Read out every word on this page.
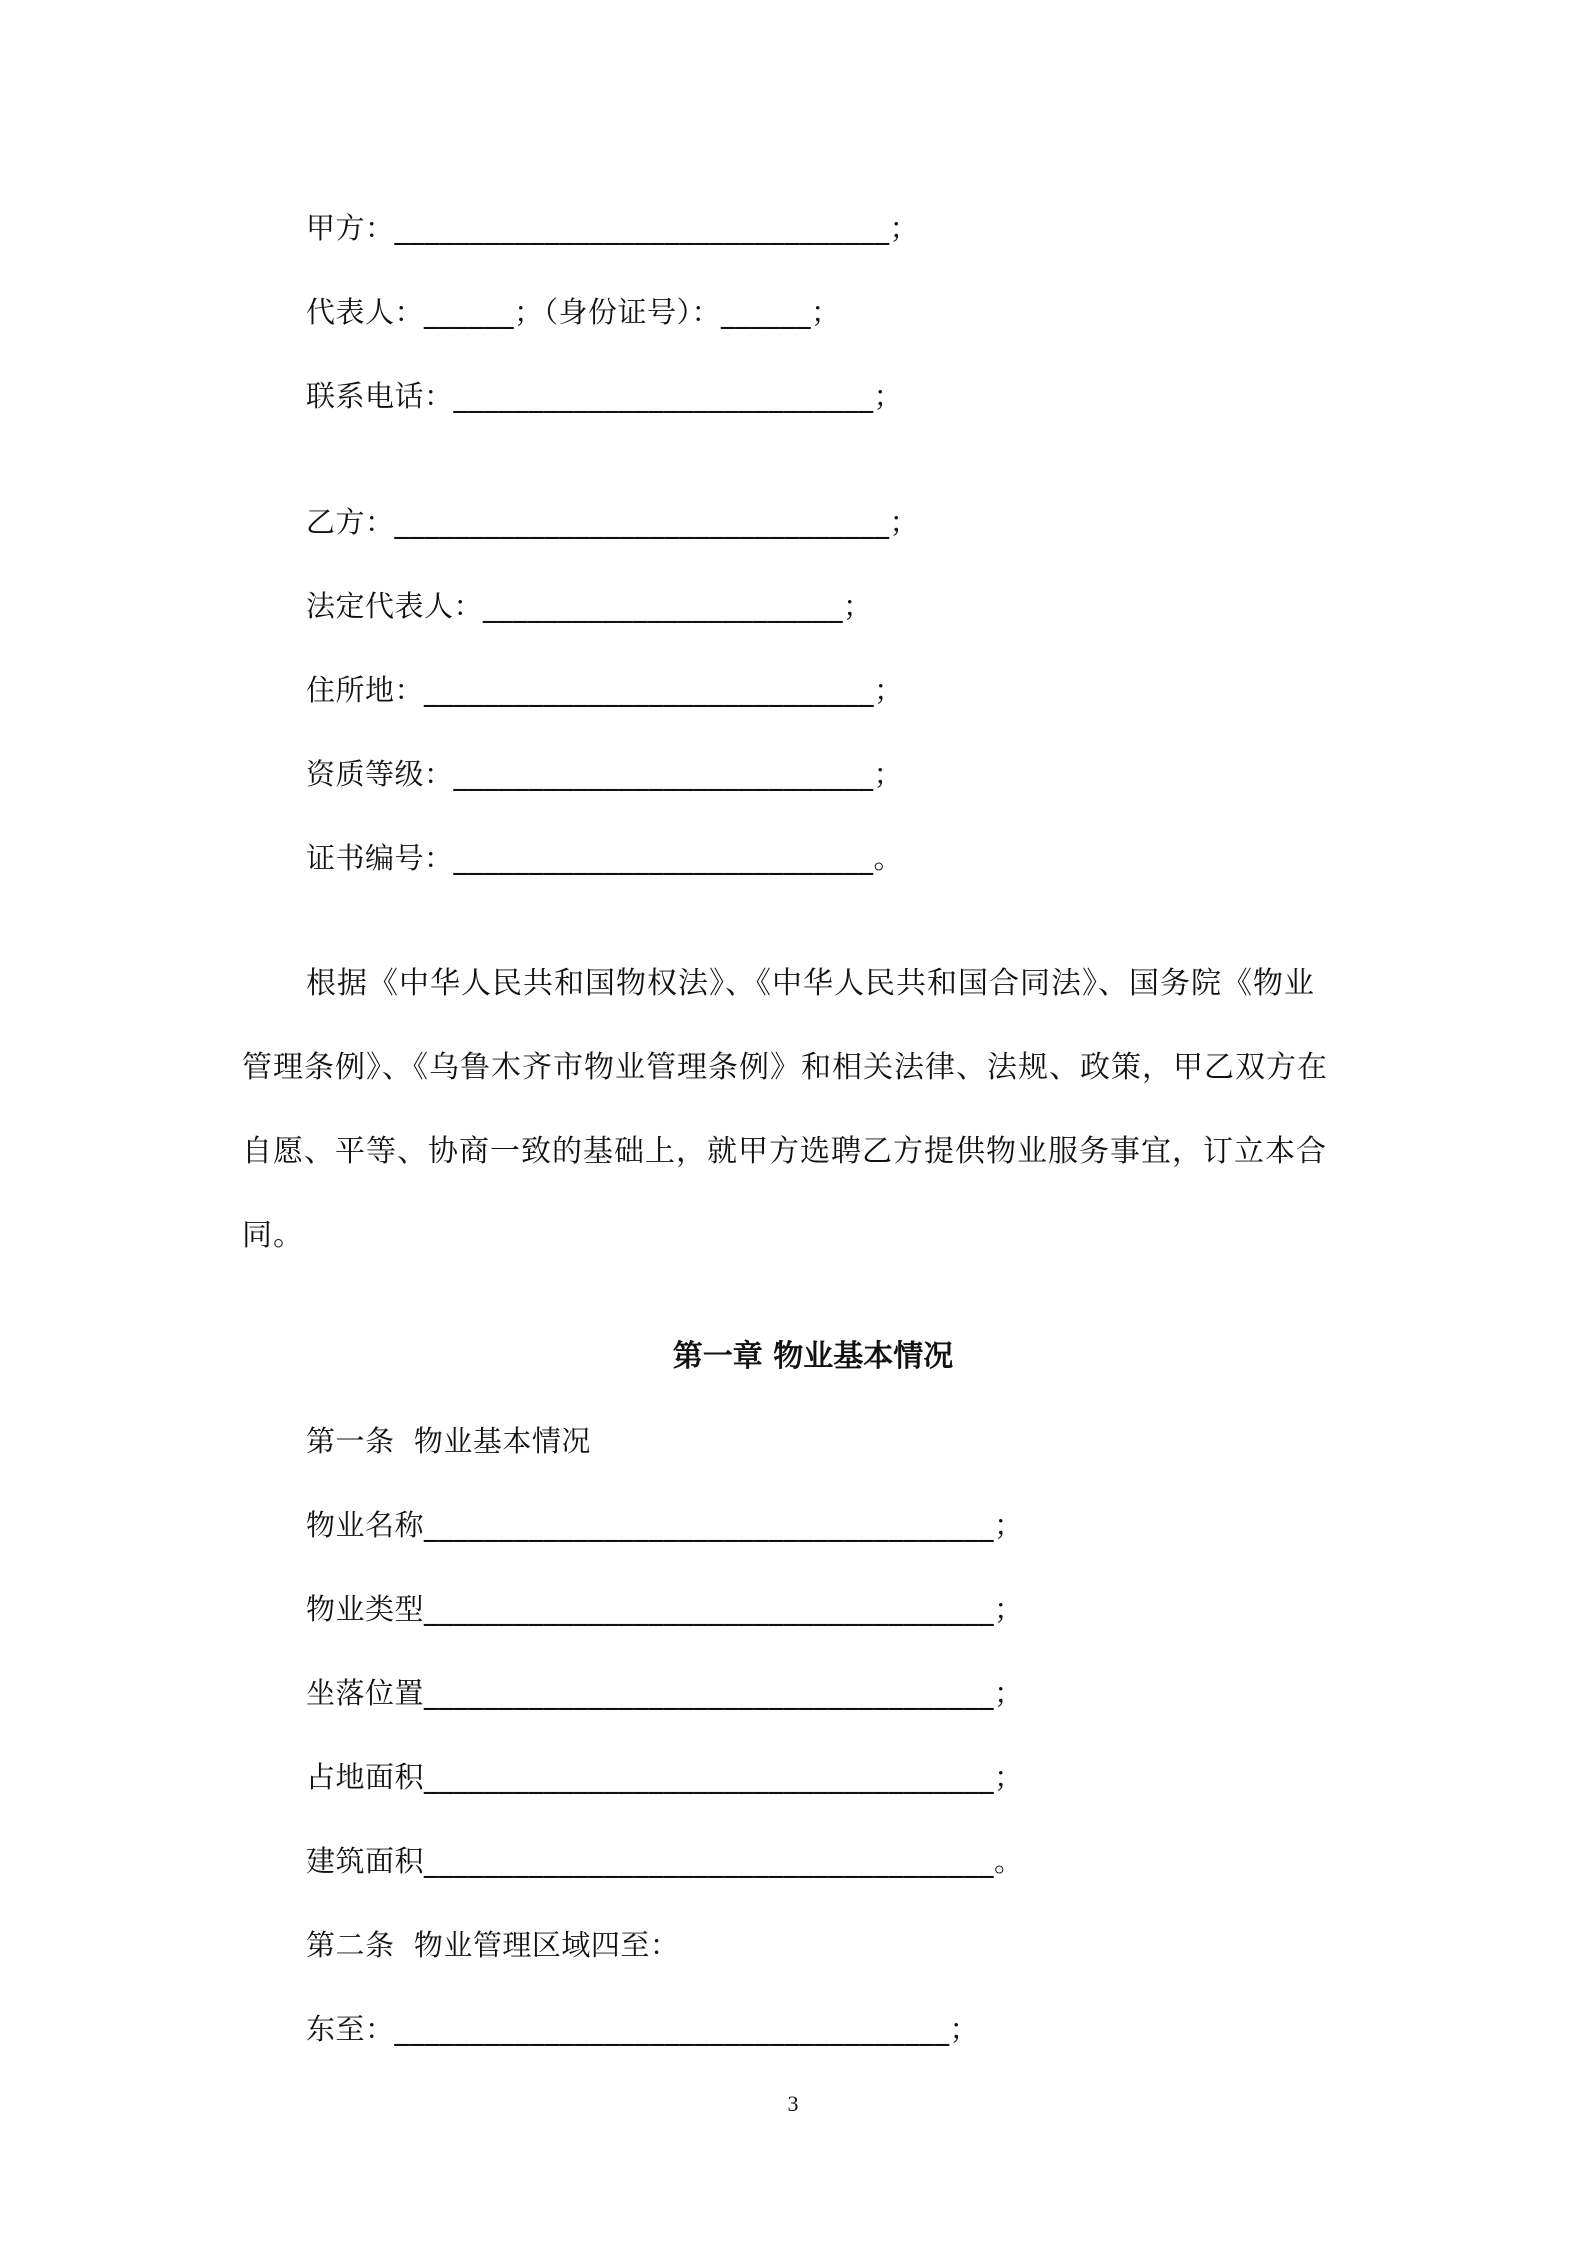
甲方：_________________________________；
代表人：______；（身份证号）：______；
联系电话：____________________________；
乙方：_________________________________；
法定代表人：________________________；
住所地：______________________________；
资质等级：____________________________；
证书编号：____________________________。
根据《中华人民共和国物权法》、《中华人民共和国合同法》、国务院《物业
管理条例》、《乌鲁木齐市物业管理条例》和相关法律、法规、政策，甲乙双方在
自愿、平等、协商一致的基础上，就甲方选聘乙方提供物业服务事宜，订立本合
同。
第一章 物业基本情况
第一条  物业基本情况
物业名称______________________________________；
物业类型______________________________________；
坐落位置______________________________________；
占地面积______________________________________；
建筑面积______________________________________。
第二条  物业管理区域四至：
东至：_____________________________________；
3
